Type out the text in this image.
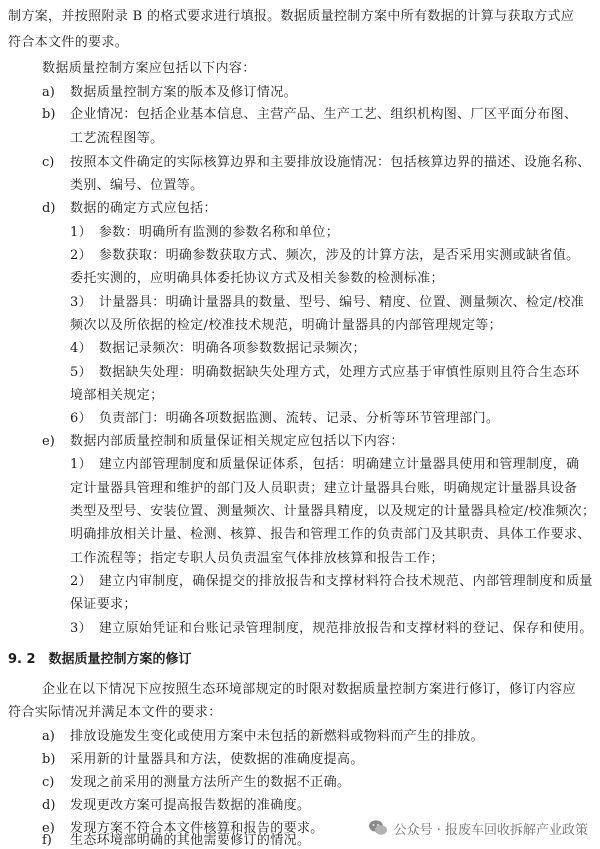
制方案，并按照附录 B 的格式要求进行填报。数据质量控制方案中所有数据的计算与获取方式应
符合本文件的要求。
数据质量控制方案应包括以下内容：
a) 数据质量控制方案的版本及修订情况。
b) 企业情况：包括企业基本信息、主营产品、生产工艺、组织机构图、厂区平面分布图、
工艺流程图等。
c) 按照本文件确定的实际核算边界和主要排放设施情况：包括核算边界的描述、设施名称、
类别、编号、位置等。
d) 数据的确定方式应包括：
1）　参数：明确所有监测的参数名称和单位；
2）　参数获取：明确参数获取方式、频次，涉及的计算方法，是否采用实测或缺省值。
委托实测的，应明确具体委托协议方式及相关参数的检测标准；
3）　计量器具：明确计量器具的数量、型号、编号、精度、位置、测量频次、检定/校准
频次以及所依据的检定/校准技术规范，明确计量器具的内部管理规定等；
4）　数据记录频次：明确各项参数数据记录频次；
5）　数据缺失处理：明确数据缺失处理方式，处理方式应基于审慎性原则且符合生态环
境部相关规定；
6）　负责部门：明确各项数据监测、流转、记录、分析等环节管理部门。
e) 数据内部质量控制和质量保证相关规定应包括以下内容：
1）　建立内部管理制度和质量保证体系，包括：明确建立计量器具使用和管理制度，确
定计量器具管理和维护的部门及人员职责；建立计量器具台账，明确规定计量器具设备
类型及型号、安装位置、测量频次、计量器具精度，以及规定的计量器具检定/校准频次；
明确排放相关计量、检测、核算、报告和管理工作的负责部门及其职责、具体工作要求、
工作流程等；指定专职人员负责温室气体排放核算和报告工作；
2）　建立内审制度，确保提交的排放报告和支撑材料符合技术规范、内部管理制度和质量
保证要求；
3）　建立原始凭证和台账记录管理制度，规范排放报告和支撑材料的登记、保存和使用。
9. 2　数据质量控制方案的修订
企业在以下情况下应按照生态环境部规定的时限对数据质量控制方案进行修订，修订内容应
符合实际情况并满足本文件的要求：
a) 排放设施发生变化或使用方案中未包括的新燃料或物料而产生的排放。
b) 采用新的计量器具和方法，使数据的准确度提高。
c) 发现之前采用的测量方法所产生的数据不正确。
d) 发现更改方案可提高报告数据的准确度。
e) 发现方案不符合本文件核算和报告的要求。
f) 生态环境部明确的其他需要修订的情况。
公众号 · 报废车回收拆解产业政策
